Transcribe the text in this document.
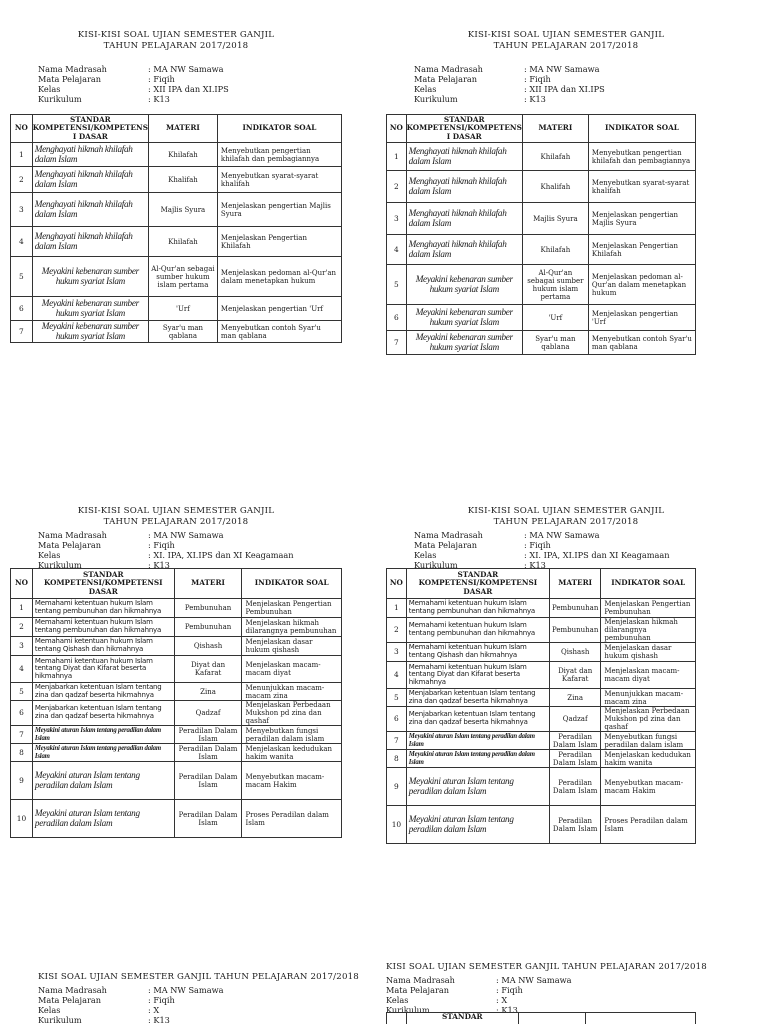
KISI-KISI SOAL UJIAN SEMESTER GANJIL
TAHUN PELAJARAN 2017/2018
Nama Madrasah	: MA NW Samawa
Mata Pelajaran	: Fiqih
Kelas	: XII IPA dan XI.IPS
Kurikulum	: K13
NO	STANDAR KOMPETENSI/KOMPETENS I DASAR	MATERI	INDIKATOR SOAL
1	Menghayati hikmah khilafah dalam Islam	Khilafah	Menyebutkan pengertian khilafah dan pembagiannya
2	Menghayati hikmah khilafah dalam Islam	Khalifah	Menyebutkan syarat-syarat khalifah
3	Menghayati hikmah khilafah dalam Islam	Majlis Syura	Menjelaskan pengertian Majlis Syura
4	Menghayati hikmah khilafah dalam Islam	Khilafah	Menjelaskan Pengertian Khilafah
5	Meyakini kebenaran sumber hukum syariat Islam	Al-Qur'an sebagai sumber hukum islam pertama	Menjelaskan pedoman al-Qur'an dalam menetapkan hukum
6	Meyakini kebenaran sumber hukum syariat Islam	'Urf	Menjelaskan pengertian 'Urf
7	Meyakini kebenaran sumber hukum syariat Islam	Syar'u man qablana	Menyebutkan contoh Syar'u man qablana
KISI-KISI SOAL UJIAN SEMESTER GANJIL
TAHUN PELAJARAN 2017/2018
Nama Madrasah	: MA NW Samawa
Mata Pelajaran	: Fiqih
Kelas	: XII IPA dan XI.IPS
Kurikulum	: K13
NO	STANDAR KOMPETENSI/KOMPETENS I DASAR	MATERI	INDIKATOR SOAL
1	Menghayati hikmah khilafah dalam Islam	Khilafah	Menyebutkan pengertian khilafah dan pembagiannya
2	Menghayati hikmah khilafah dalam Islam	Khalifah	Menyebutkan syarat-syarat khalifah
3	Menghayati hikmah khilafah dalam Islam	Majlis Syura	Menjelaskan pengertian Majlis Syura
4	Menghayati hikmah khilafah dalam Islam	Khilafah	Menjelaskan Pengertian Khilafah
5	Meyakini kebenaran sumber hukum syariat Islam	Al-Qur'an sebagai sumber hukum islam pertama	Menjelaskan pedoman al-Qur'an dalam menetapkan hukum
6	Meyakini kebenaran sumber hukum syariat Islam	'Urf	Menjelaskan pengertian 'Urf
7	Meyakini kebenaran sumber hukum syariat Islam	Syar'u man qablana	Menyebutkan contoh Syar'u man qablana
KISI-KISI SOAL UJIAN SEMESTER GANJIL
TAHUN PELAJARAN 2017/2018
Nama Madrasah	: MA NW Samawa
Mata Pelajaran	: Fiqih
Kelas	: XI. IPA, XI.IPS dan XI Keagamaan
Kurikulum	: K13
NO	STANDAR KOMPETENSI/KOMPETENSI DASAR	MATERI	INDIKATOR SOAL
1	Memahami ketentuan hukum Islam tentang pembunuhan dan hikmahnya	Pembunuhan	Menjelaskan Pengertian Pembunuhan
2	Memahami ketentuan hukum Islam tentang pembunuhan dan hikmahnya	Pembunuhan	Menjelaskan hikmah dilarangnya pembunuhan
3	Memahami ketentuan hukum Islam tentang Qishash dan hikmahnya	Qishash	Menjelaskan dasar hukum qishash
4	Memahami ketentuan hukum Islam tentang Diyat dan Kifarat beserta hikmahnya	Diyat dan Kafarat	Menjelaskan macam-macam diyat
5	Menjabarkan ketentuan Islam tentang zina dan qadzaf beserta hikmahnya	Zina	Menunjukkan macam-macam zina
6	Menjabarkan ketentuan Islam tentang zina dan qadzaf beserta hikmahnya	Qadzaf	Menjelaskan Perbedaan Mukshon pd zina dan qashaf
7	Meyakini aturan Islam tentang peradilan dalam Islam	Peradilan Dalam Islam	Menyebutkan fungsi peradilan dalam islam
8	Meyakini aturan Islam tentang peradilan dalam Islam	Peradilan Dalam Islam	Menjelaskan kedudukan hakim wanita
9	Meyakini aturan Islam tentang peradilan dalam Islam	Peradilan Dalam Islam	Menyebutkan macam-macam Hakim
10	Meyakini aturan Islam tentang peradilan dalam Islam	Peradilan Dalam Islam	Proses Peradilan dalam Islam
KISI-KISI SOAL UJIAN SEMESTER GANJIL
TAHUN PELAJARAN 2017/2018
Nama Madrasah	: MA NW Samawa
Mata Pelajaran	: Fiqih
Kelas	: XI. IPA, XI.IPS dan XI Keagamaan
Kurikulum	: K13
NO	STANDAR KOMPETENSI/KOMPETENSI DASAR	MATERI	INDIKATOR SOAL
1	Memahami ketentuan hukum Islam tentang pembunuhan dan hikmahnya	Pembunuhan	Menjelaskan Pengertian Pembunuhan
2	Memahami ketentuan hukum Islam tentang pembunuhan dan hikmahnya	Pembunuhan	Menjelaskan hikmah dilarangnya pembunuhan
3	Memahami ketentuan hukum Islam tentang Qishash dan hikmahnya	Qishash	Menjelaskan dasar hukum qishash
4	Memahami ketentuan hukum Islam tentang Diyat dan Kifarat beserta hikmahnya	Diyat dan Kafarat	Menjelaskan macam-macam diyat
5	Menjabarkan ketentuan Islam tentang zina dan qadzaf beserta hikmahnya	Zina	Menunjukkan macam-macam zina
6	Menjabarkan ketentuan Islam tentang zina dan qadzaf beserta hikmahnya	Qadzaf	Menjelaskan Perbedaan Mukshon pd zina dan qashaf
7	Meyakini aturan Islam tentang peradilan dalam Islam	Peradilan Dalam Islam	Menyebutkan fungsi peradilan dalam islam
8	Meyakini aturan Islam tentang peradilan dalam Islam	Peradilan Dalam Islam	Menjelaskan kedudukan hakim wanita
9	Meyakini aturan Islam tentang peradilan dalam Islam	Peradilan Dalam Islam	Menyebutkan macam-macam Hakim
10	Meyakini aturan Islam tentang peradilan dalam Islam	Peradilan Dalam Islam	Proses Peradilan dalam Islam
KISI SOAL UJIAN SEMESTER GANJIL TAHUN PELAJARAN 2017/2018
Nama Madrasah	: MA NW Samawa
Mata Pelajaran	: Fiqih
Kelas	: X
Kurikulum	: K13
KISI SOAL UJIAN SEMESTER GANJIL TAHUN PELAJARAN 2017/2018
Nama Madrasah	: MA NW Samawa
Mata Pelajaran	: Fiqih
Kelas	: X
Kurikulum	: K13
	STANDAR		
